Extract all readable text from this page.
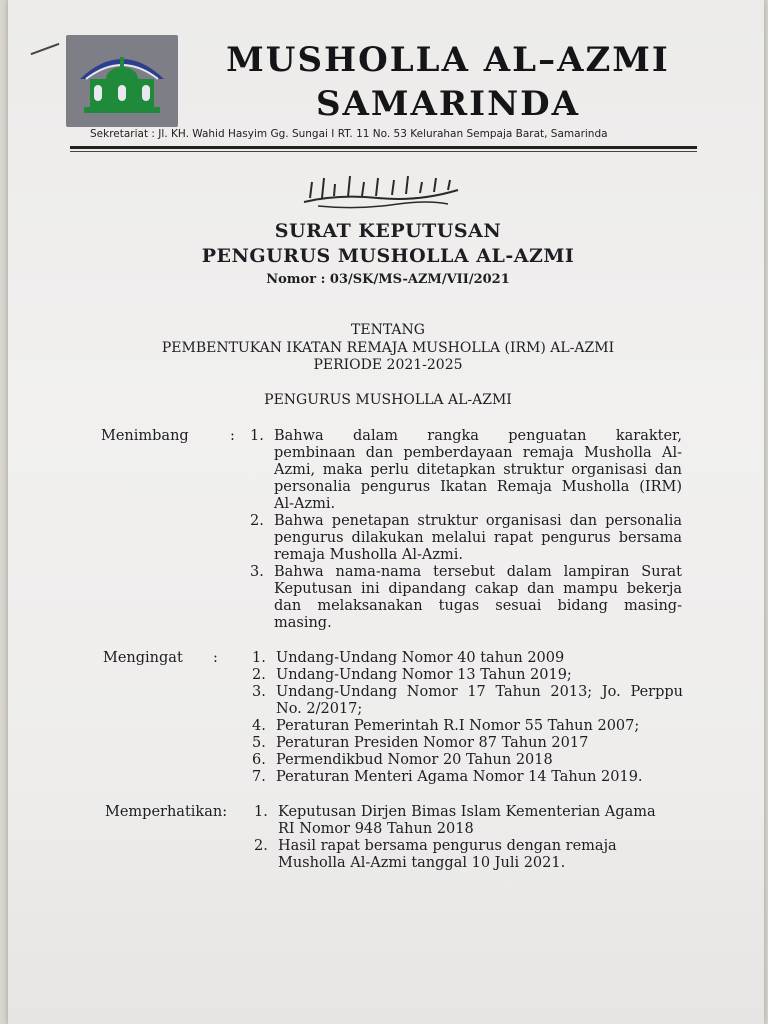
MUSHOLLA AL–AZMI
SAMARINDA
Sekretariat : Jl. KH. Wahid Hasyim Gg. Sungai I RT. 11 No. 53 Kelurahan Sempaja Barat, Samarinda
SURAT KEPUTUSAN
PENGURUS MUSHOLLA AL-AZMI
Nomor : 03/SK/MS-AZM/VII/2021
TENTANG
PEMBENTUKAN IKATAN REMAJA MUSHOLLA (IRM) AL-AZMI
PERIODE 2021-2025
PENGURUS MUSHOLLA AL-AZMI
Menimbang	: 1. Bahwa dalam rangka penguatan karakter,
pembinaan dan pemberdayaan remaja Musholla Al-
Azmi, maka perlu ditetapkan struktur organisasi dan
personalia pengurus Ikatan Remaja Musholla (IRM)
Al-Azmi.
2. Bahwa penetapan struktur organisasi dan personalia
pengurus dilakukan melalui rapat pengurus bersama
remaja Musholla Al-Azmi.
3. Bahwa nama-nama tersebut dalam lampiran Surat
Keputusan ini dipandang cakap dan mampu bekerja
dan melaksanakan tugas sesuai bidang masing-
masing.
Mengingat : 1. Undang-Undang Nomor 40 tahun 2009
2. Undang-Undang Nomor 13 Tahun 2019;
3. Undang-Undang Nomor 17 Tahun 2013; Jo. Perppu
No. 2/2017;
4. Peraturan Pemerintah R.I Nomor 55 Tahun 2007;
5. Peraturan Presiden Nomor 87 Tahun 2017
6. Permendikbud Nomor 20 Tahun 2018
7. Peraturan Menteri Agama Nomor 14 Tahun 2019.
Memperhatikan: 1. Keputusan Dirjen Bimas Islam Kementerian Agama
RI Nomor 948 Tahun 2018
2. Hasil rapat bersama pengurus dengan remaja
Musholla Al-Azmi tanggal 10 Juli 2021.
